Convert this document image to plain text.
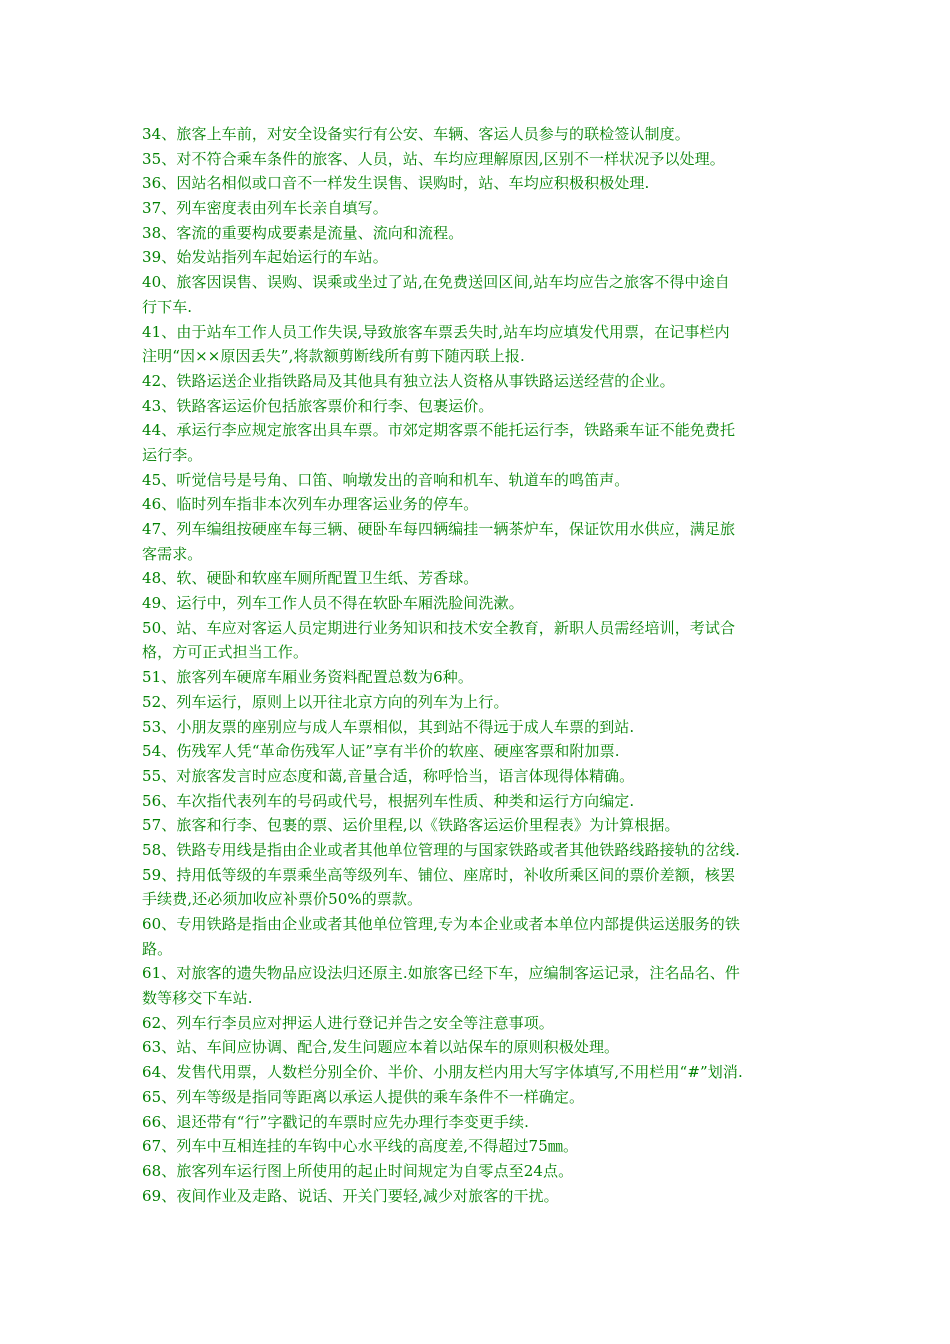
34、旅客上车前，对安全设备实行有公安、车辆、客运人员参与的联检签认制度。
35、对不符合乘车条件的旅客、人员，站、车均应理解原因,区别不一样状况予以处理。
36、因站名相似或口音不一样发生误售、误购时，站、车均应积极积极处理.
37、列车密度表由列车长亲自填写。
38、客流的重要构成要素是流量、流向和流程。
39、始发站指列车起始运行的车站。
40、旅客因误售、误购、误乘或坐过了站,在免费送回区间,站车均应告之旅客不得中途自
行下车.
41、由于站车工作人员工作失误,导致旅客车票丢失时,站车均应填发代用票，在记事栏内
注明“因××原因丢失”,将款额剪断线所有剪下随丙联上报.
42、铁路运送企业指铁路局及其他具有独立法人资格从事铁路运送经营的企业。
43、铁路客运运价包括旅客票价和行李、包裹运价。
44、承运行李应规定旅客出具车票。市郊定期客票不能托运行李，铁路乘车证不能免费托
运行李。
45、听觉信号是号角、口笛、响墩发出的音响和机车、轨道车的鸣笛声。
46、临时列车指非本次列车办理客运业务的停车。
47、列车编组按硬座车每三辆、硬卧车每四辆编挂一辆茶炉车，保证饮用水供应，满足旅
客需求。
48、软、硬卧和软座车厕所配置卫生纸、芳香球。
49、运行中，列车工作人员不得在软卧车厢洗脸间洗漱。
50、站、车应对客运人员定期进行业务知识和技术安全教育，新职人员需经培训，考试合
格，方可正式担当工作。
51、旅客列车硬席车厢业务资料配置总数为6种。
52、列车运行，原则上以开往北京方向的列车为上行。
53、小朋友票的座别应与成人车票相似，其到站不得远于成人车票的到站.
54、伤残军人凭“革命伤残军人证”享有半价的软座、硬座客票和附加票.
55、对旅客发言时应态度和蔼,音量合适，称呼恰当，语言体现得体精确。
56、车次指代表列车的号码或代号，根据列车性质、种类和运行方向编定.
57、旅客和行李、包裹的票、运价里程,以《铁路客运运价里程表》为计算根据。
58、铁路专用线是指由企业或者其他单位管理的与国家铁路或者其他铁路线路接轨的岔线.
59、持用低等级的车票乘坐高等级列车、铺位、座席时，补收所乘区间的票价差额，核罢
手续费,还必须加收应补票价50%的票款。
60、专用铁路是指由企业或者其他单位管理,专为本企业或者本单位内部提供运送服务的铁
路。
61、对旅客的遗失物品应设法归还原主.如旅客已经下车，应编制客运记录，注名品名、件
数等移交下车站.
62、列车行李员应对押运人进行登记并告之安全等注意事项。
63、站、车间应协调、配合,发生问题应本着以站保车的原则积极处理。
64、发售代用票，人数栏分别全价、半价、小朋友栏内用大写字体填写,不用栏用“#”划消.
65、列车等级是指同等距离以承运人提供的乘车条件不一样确定。
66、退还带有“行”字戳记的车票时应先办理行李变更手续.
67、列车中互相连挂的车钩中心水平线的高度差,不得超过75㎜。
68、旅客列车运行图上所使用的起止时间规定为自零点至24点。
69、夜间作业及走路、说话、开关门要轻,减少对旅客的干扰。
